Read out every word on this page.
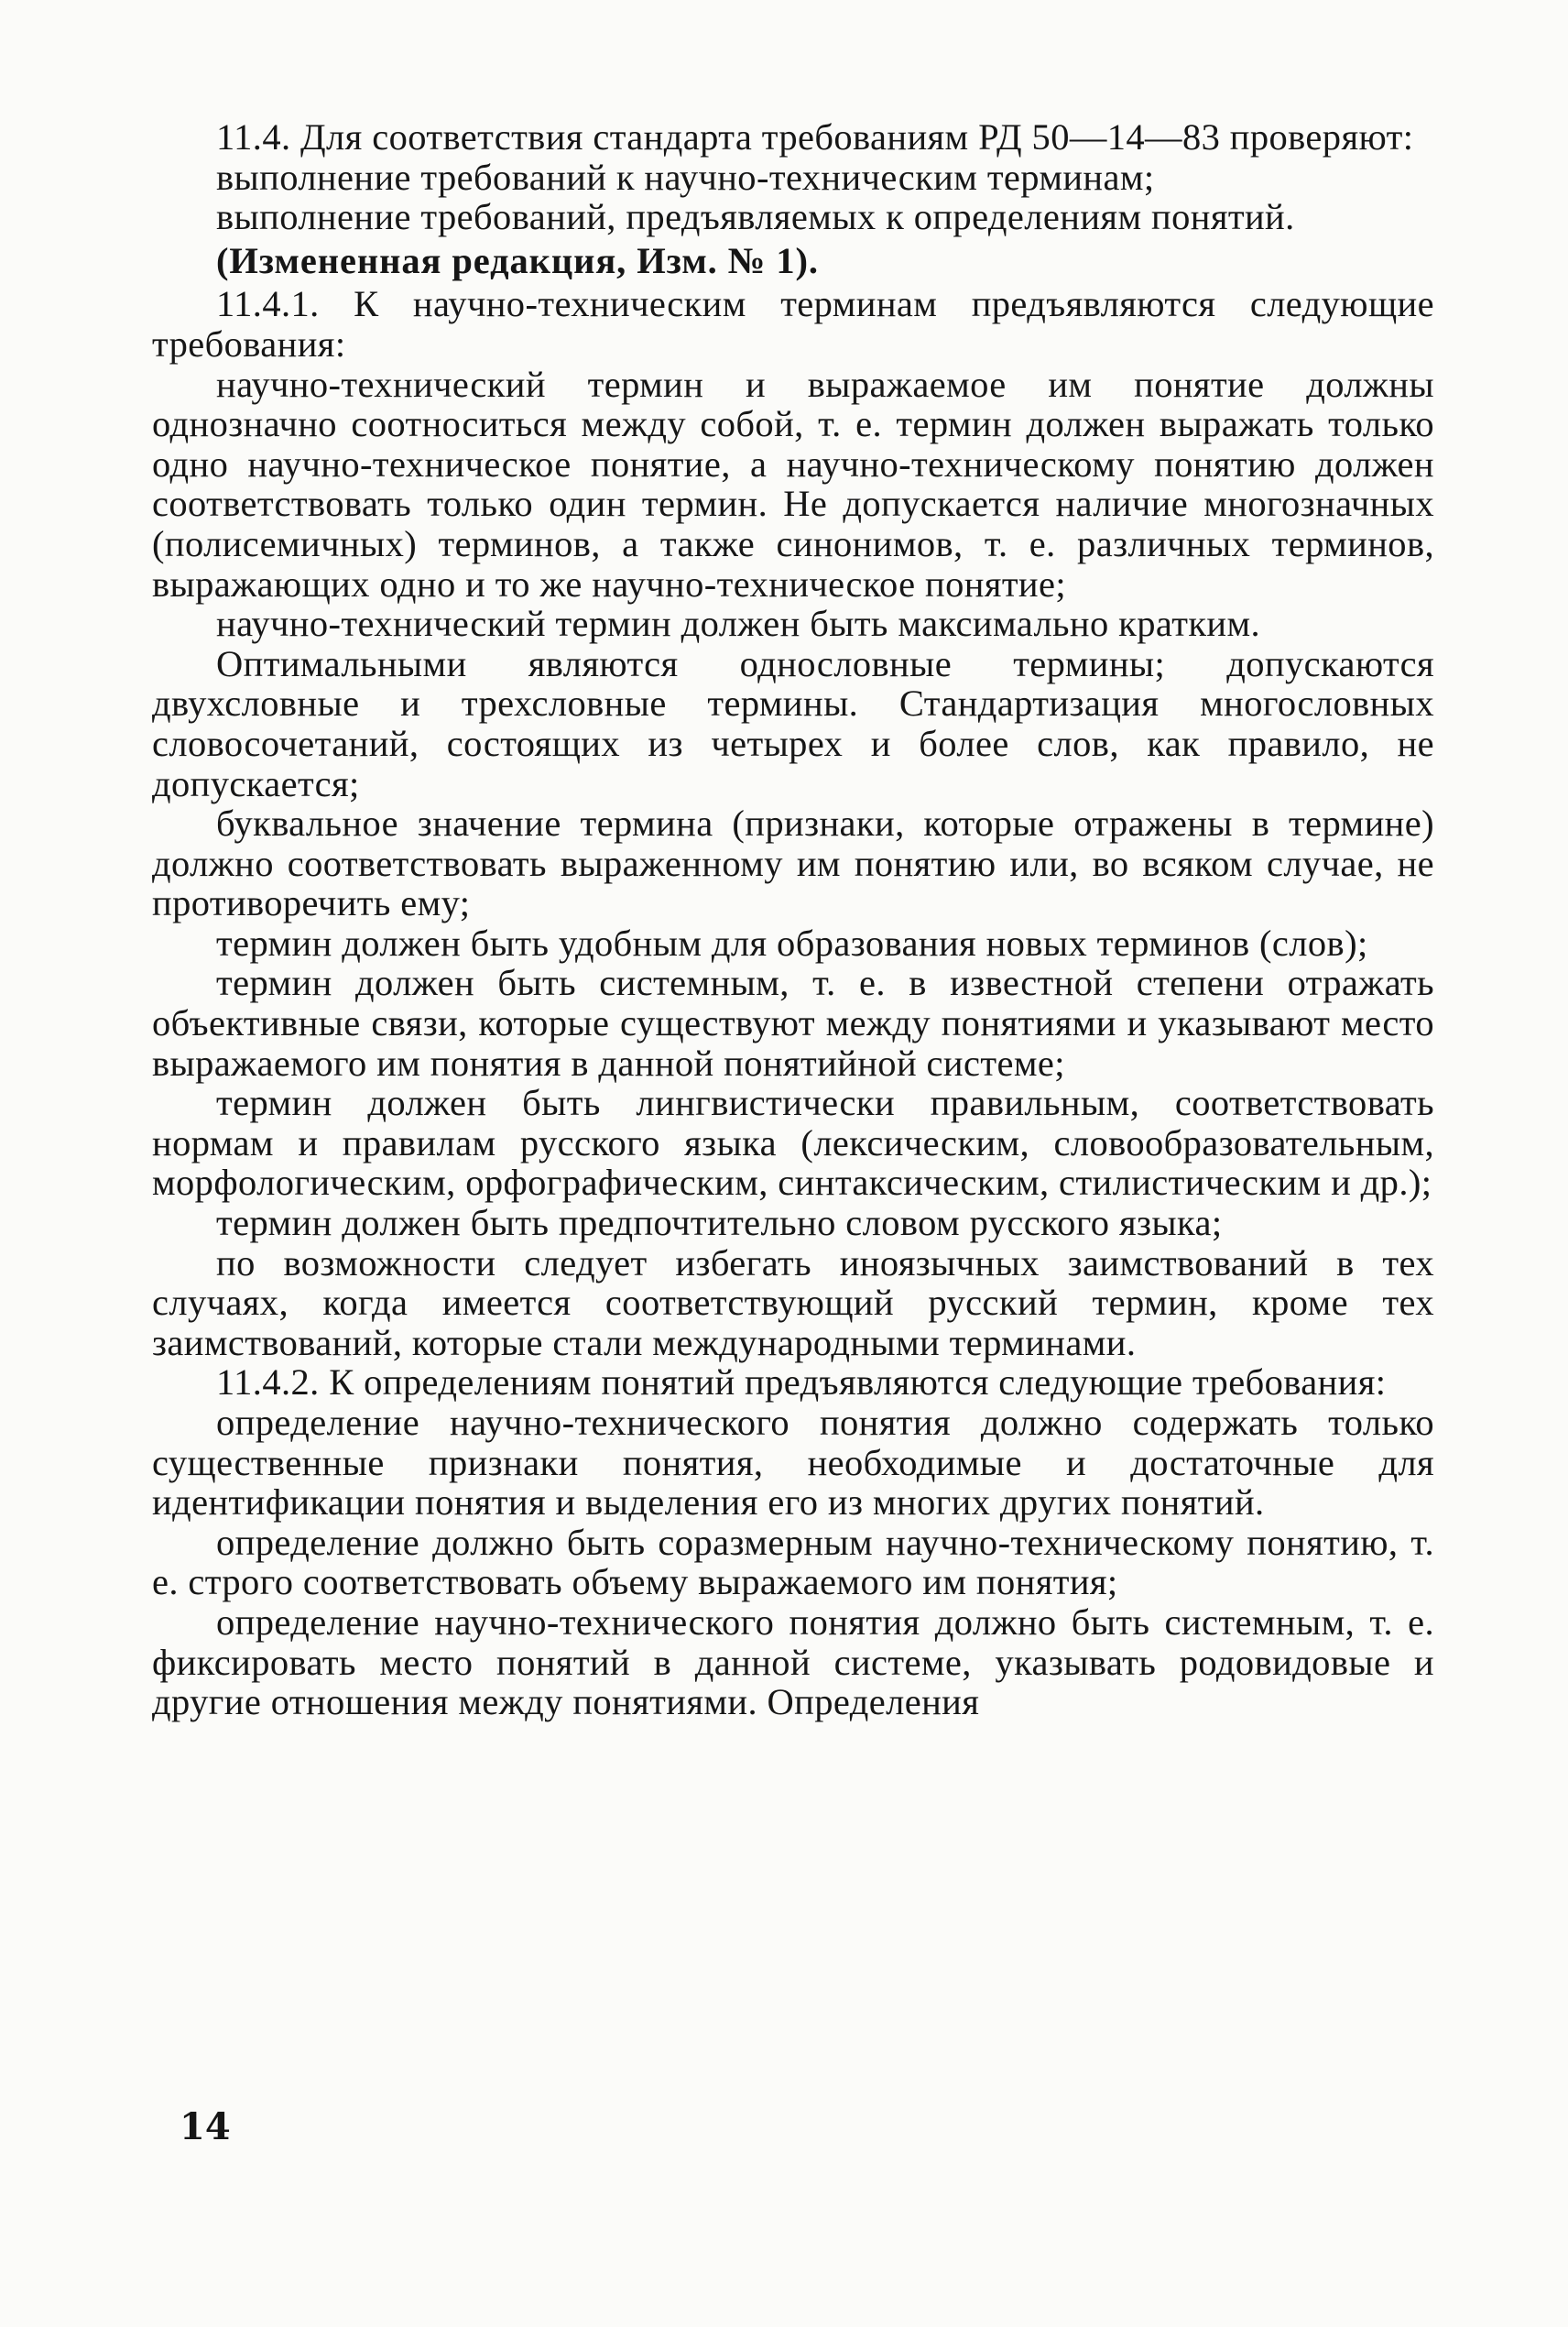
11.4. Для соответствия стандарта требованиям РД 50—14—83 проверяют:

выполнение требований к научно-техническим терминам;

выполнение требований, предъявляемых к определениям понятий.

(Измененная редакция, Изм. № 1).

11.4.1. К научно-техническим терминам предъявляются следующие требования:

научно-технический термин и выражаемое им понятие должны однозначно соотноситься между собой, т. е. термин должен выражать только одно научно-техническое понятие, а научно-техническому понятию должен соответствовать только один термин. Не допускается наличие многозначных (полисемичных) терминов, а также синонимов, т. е. различных терминов, выражающих одно и то же научно-техническое понятие;

научно-технический термин должен быть максимально кратким.

Оптимальными являются однословные термины; допускаются двухсловные и трехсловные термины. Стандартизация многословных словосочетаний, состоящих из четырех и более слов, как правило, не допускается;

буквальное значение термина (признаки, которые отражены в термине) должно соответствовать выраженному им понятию или, во всяком случае, не противоречить ему;

термин должен быть удобным для образования новых терминов (слов);

термин должен быть системным, т. е. в известной степени отражать объективные связи, которые существуют между понятиями и указывают место выражаемого им понятия в данной понятийной системе;

термин должен быть лингвистически правильным, соответствовать нормам и правилам русского языка (лексическим, словообразовательным, морфологическим, орфографическим, синтаксическим, стилистическим и др.);

термин должен быть предпочтительно словом русского языка;

по возможности следует избегать иноязычных заимствований в тех случаях, когда имеется соответствующий русский термин, кроме тех заимствований, которые стали международными терминами.

11.4.2. К определениям понятий предъявляются следующие требования:

определение научно-технического понятия должно содержать только существенные признаки понятия, необходимые и достаточные для идентификации понятия и выделения его из многих других понятий.

определение должно быть соразмерным научно-техническому понятию, т. е. строго соответствовать объему выражаемого им понятия;

определение научно-технического понятия должно быть системным, т. е. фиксировать место понятий в данной системе, указывать родовидовые и другие отношения между понятиями. Определения

14
